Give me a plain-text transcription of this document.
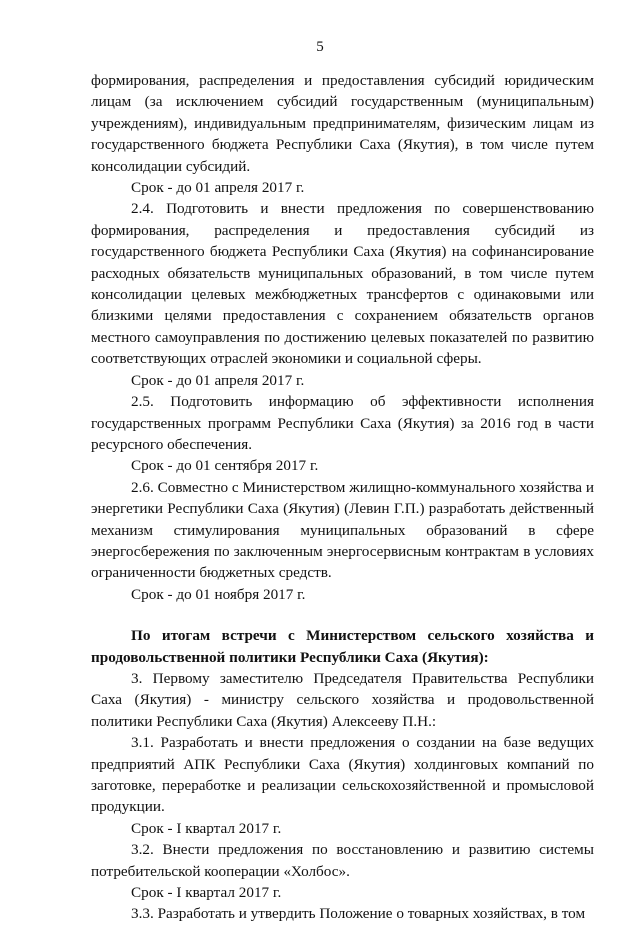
5

формирования, распределения и предоставления субсидий юридическим лицам (за исключением субсидий государственным (муниципальным) учреждениям), индивидуальным предпринимателям, физическим лицам из государственного бюджета Республики Саха (Якутия), в том числе путем консолидации субсидий.

Срок - до 01 апреля 2017 г.

2.4. Подготовить и внести предложения по совершенствованию формирования, распределения и предоставления субсидий из государственного бюджета Республики Саха (Якутия) на софинансирование расходных обязательств муниципальных образований, в том числе путем консолидации целевых межбюджетных трансфертов с одинаковыми или близкими целями предоставления с сохранением обязательств органов местного самоуправления по достижению целевых показателей по развитию соответствующих отраслей экономики и социальной сферы.

Срок - до 01 апреля 2017 г.

2.5. Подготовить информацию об эффективности исполнения государственных программ Республики Саха (Якутия) за 2016 год в части ресурсного обеспечения.

Срок - до 01 сентября 2017 г.

2.6. Совместно с Министерством жилищно-коммунального хозяйства и энергетики Республики Саха (Якутия) (Левин Г.П.) разработать действенный механизм стимулирования муниципальных образований в сфере энергосбережения по заключенным энергосервисным контрактам в условиях ограниченности бюджетных средств.

Срок - до 01 ноября 2017 г.

По итогам встречи с Министерством сельского хозяйства и продовольственной политики Республики Саха (Якутия):

3. Первому заместителю Председателя Правительства Республики Саха (Якутия) - министру сельского хозяйства и продовольственной политики Республики Саха (Якутия) Алексееву П.Н.:

3.1. Разработать и внести предложения о создании на базе ведущих предприятий АПК Республики Саха (Якутия) холдинговых компаний по заготовке, переработке и реализации сельскохозяйственной и промысловой продукции.

Срок - I квартал 2017 г.

3.2. Внести предложения по восстановлению и развитию системы потребительской кооперации «Холбос».

Срок - I квартал 2017 г.

3.3. Разработать и утвердить Положение о товарных хозяйствах, в том
